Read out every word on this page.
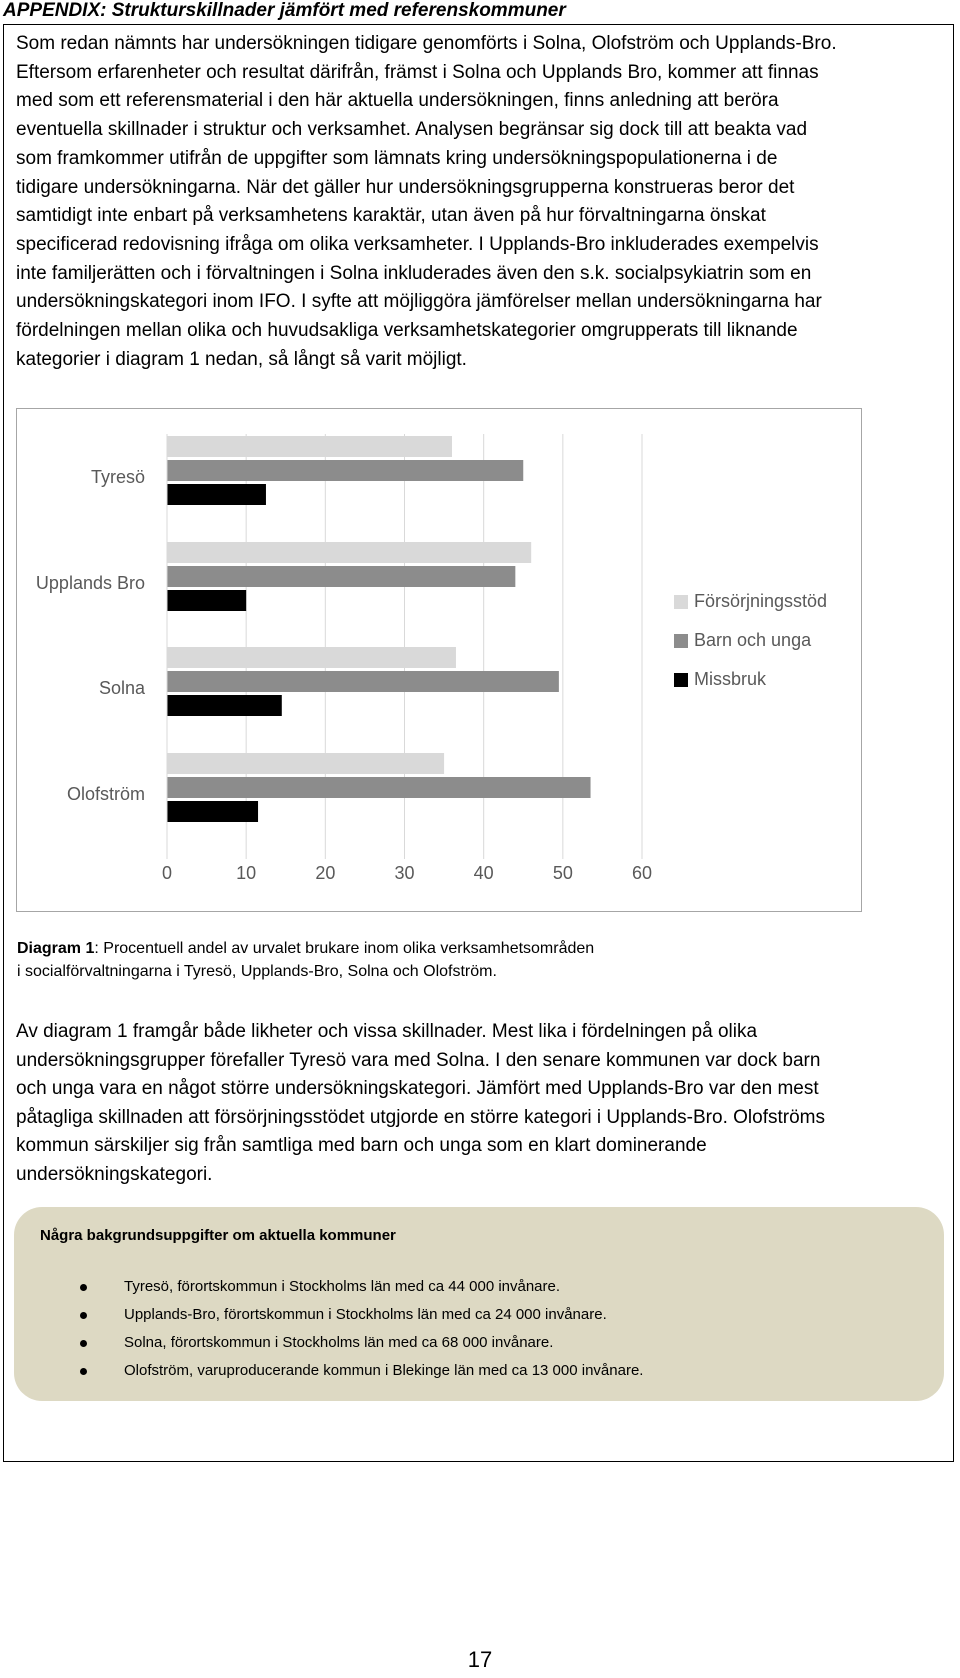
APPENDIX: Strukturskillnader jämfört med referenskommuner
Som redan nämnts har undersökningen tidigare genomförts i Solna, Olofström och Upplands-Bro.
Eftersom erfarenheter och resultat därifrån, främst i Solna och Upplands Bro, kommer att finnas
med som ett referensmaterial i den här aktuella undersökningen, finns anledning att beröra
eventuella skillnader i struktur och verksamhet. Analysen begränsar sig dock till att beakta vad
som framkommer utifrån de uppgifter som lämnats kring undersökningspopulationerna i de
tidigare undersökningarna. När det gäller hur undersökningsgrupperna konstrueras beror det
samtidigt inte enbart på verksamhetens karaktär, utan även på hur förvaltningarna önskat
specificerad redovisning ifråga om olika verksamheter. I Upplands-Bro inkluderades exempelvis
inte familjerätten och i förvaltningen i Solna inkluderades även den s.k. socialpsykiatrin som en
undersökningskategori inom IFO. I syfte att möjliggöra jämförelser mellan undersökningarna har
fördelningen mellan olika och huvudsakliga verksamhetskategorier omgrupperats till liknande
kategorier i diagram 1 nedan, så långt så varit möjligt.
Tyresö
Upplands Bro
Solna
Olofström
0	10	20	30	40	50	60
Försörjningsstöd
Barn och unga
Missbruk
Diagram 1: Procentuell andel av urvalet brukare inom olika verksamhetsområden
i socialförvaltningarna i Tyresö, Upplands-Bro, Solna och Olofström.
Av diagram 1 framgår både likheter och vissa skillnader. Mest lika i fördelningen på olika
undersökningsgrupper förefaller Tyresö vara med Solna. I den senare kommunen var dock barn
och unga vara en något större undersökningskategori. Jämfört med Upplands-Bro var den mest
påtagliga skillnaden att försörjningsstödet utgjorde en större kategori i Upplands-Bro. Olofströms
kommun särskiljer sig från samtliga med barn och unga som en klart dominerande
undersökningskategori.
Några bakgrundsuppgifter om aktuella kommuner
Tyresö, förortskommun i Stockholms län med ca 44 000 invånare.
Upplands-Bro, förortskommun i Stockholms län med ca 24 000 invånare.
Solna, förortskommun i Stockholms län med ca 68 000 invånare.
Olofström, varuproducerande kommun i Blekinge län med ca 13 000 invånare.
17
